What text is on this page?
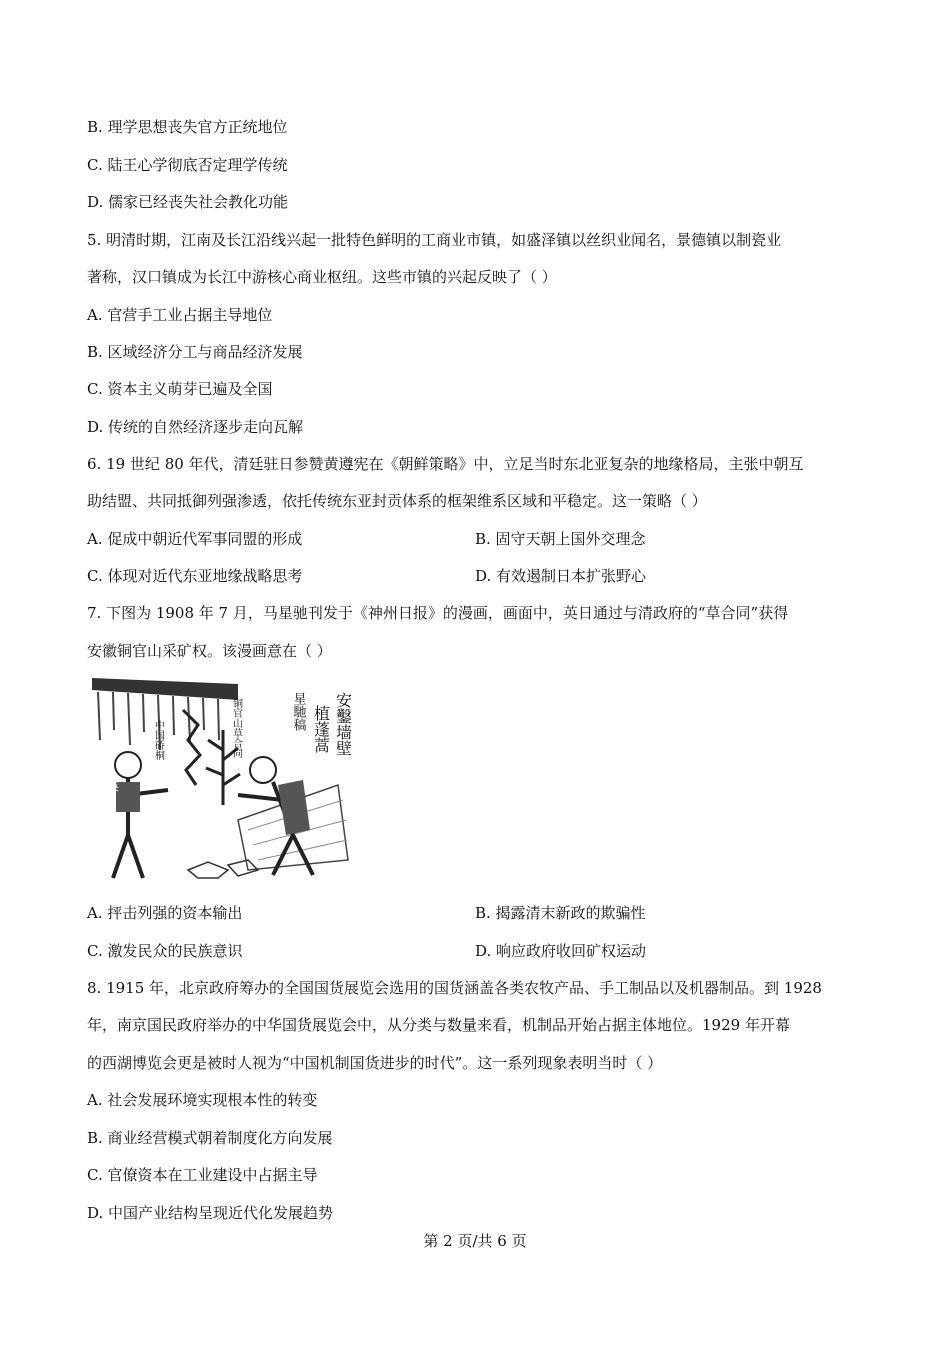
B. 理学思想丧失官方正统地位
C. 陆王心学彻底否定理学传统
D. 儒家已经丧失社会教化功能
5. 明清时期，江南及长江沿线兴起一批特色鲜明的工商业市镇，如盛泽镇以丝织业闻名，景德镇以制瓷业
著称，汉口镇成为长江中游核心商业枢纽。这些市镇的兴起反映了（ ）
A. 官营手工业占据主导地位
B. 区域经济分工与商品经济发展
C. 资本主义萌芽已遍及全国
D. 传统的自然经济逐步走向瓦解
6. 19 世纪 80 年代，清廷驻日参赞黄遵宪在《朝鲜策略》中，立足当时东北亚复杂的地缘格局，主张中朝互
助结盟、共同抵御列强渗透，依托传统东亚封贡体系的框架维系区域和平稳定。这一策略（ ）
A. 促成中朝近代军事同盟的形成	B. 固守天朝上国外交理念
C. 体现对近代东亚地缘战略思考	D. 有效遏制日本扩张野心
7. 下图为 1908 年 7 月，马星驰刊发于《神州日报》的漫画，画面中，英日通过与清政府的“草合同”获得
安徽铜官山采矿权。该漫画意在（ ）
英
安鑿墙壁
植蓬蒿
星馳稿
中国硚桐	铜官山草合同
A. 抨击列强的资本输出	B. 揭露清末新政的欺骗性
C. 激发民众的民族意识	D. 响应政府收回矿权运动
8. 1915 年，北京政府筹办的全国国货展览会选用的国货涵盖各类农牧产品、手工制品以及机器制品。到 1928
年，南京国民政府举办的中华国货展览会中，从分类与数量来看，机制品开始占据主体地位。1929 年开幕
的西湖博览会更是被时人视为“中国机制国货进步的时代”。这一系列现象表明当时（ ）
A. 社会发展环境实现根本性的转变
B. 商业经营模式朝着制度化方向发展
C. 官僚资本在工业建设中占据主导
D. 中国产业结构呈现近代化发展趋势
第 2 页/共 6 页
